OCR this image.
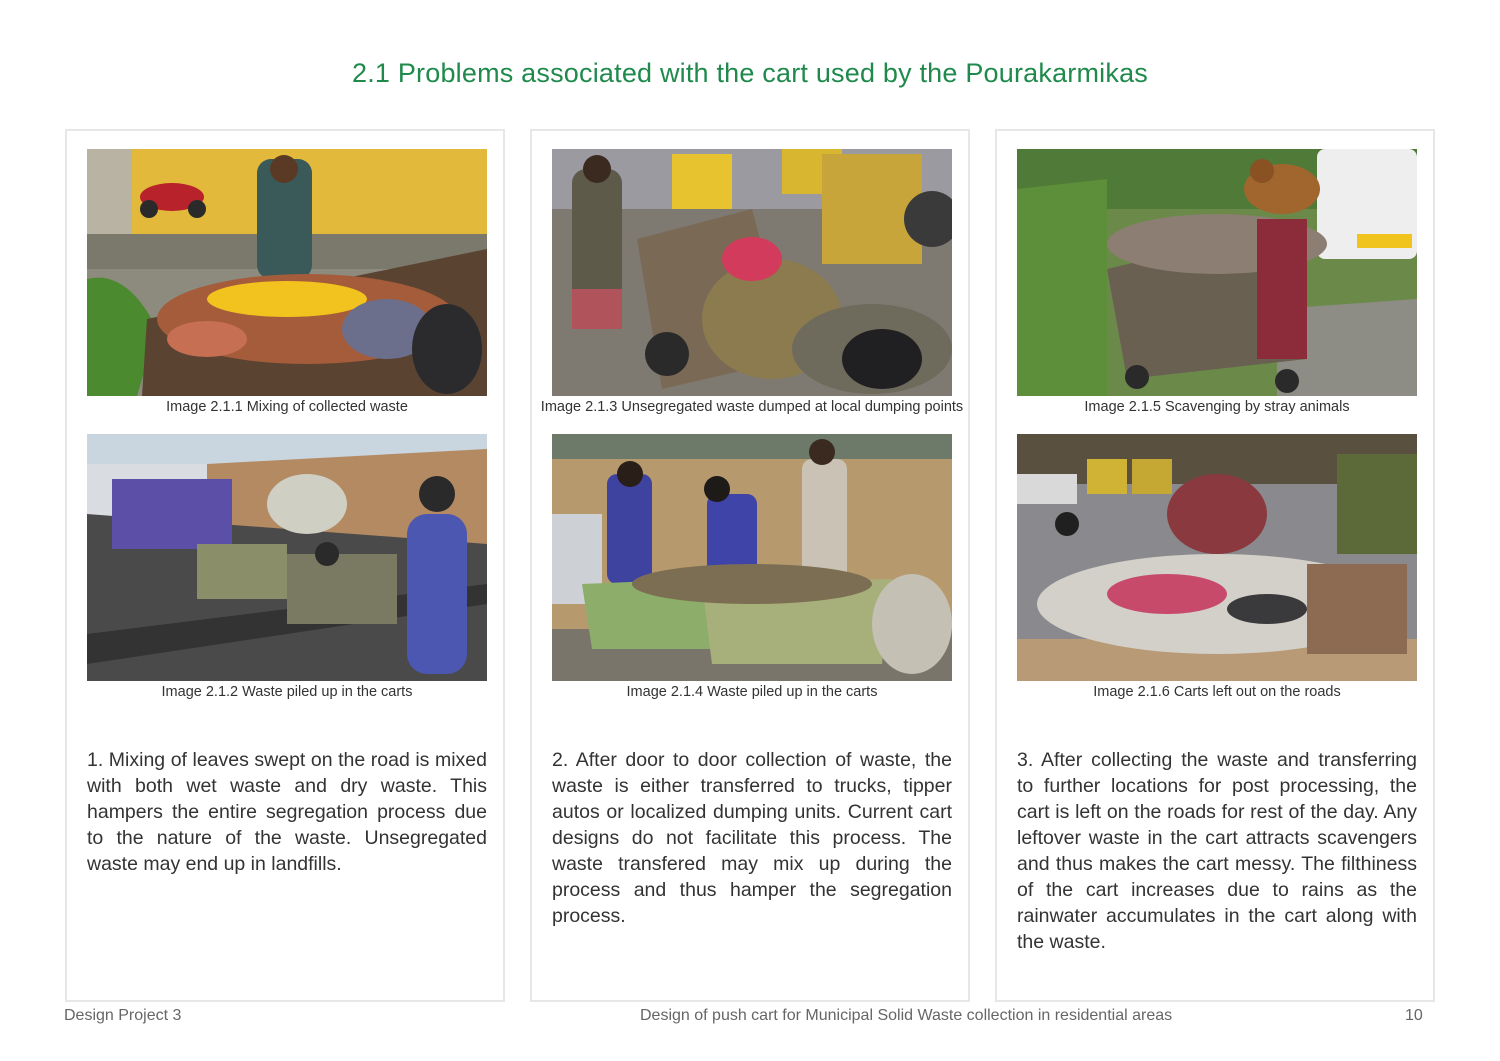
2.1 Problems associated with the cart used by the Pourakarmikas
Image 2.1.1 Mixing of collected waste
Image 2.1.2 Waste piled up in the carts
1. Mixing of leaves swept on the road is mixed with both wet waste and dry waste. This hampers the entire segregation process due to the nature of the waste. Unsegregated waste may end up in landfills.
Image 2.1.3 Unsegregated waste dumped at local dumping points
Image 2.1.4 Waste piled up in the carts
2. After door to door collection of waste, the waste is either transferred to trucks, tipper autos or localized dumping units. Current cart designs do not facilitate this process. The waste transfered may mix up during the process and thus hamper the segregation process.
Image 2.1.5 Scavenging by stray animals
Image 2.1.6 Carts left out on the roads
3. After collecting the waste and transferring to further locations for post processing, the cart is left on the roads for rest of the day. Any leftover waste in the cart attracts scavengers and thus makes the cart messy. The filthiness of the cart increases due to rains as the rainwater accumulates in the cart along with the waste.
Design Project 3	Design of push cart for Municipal Solid Waste collection in residential areas	10
